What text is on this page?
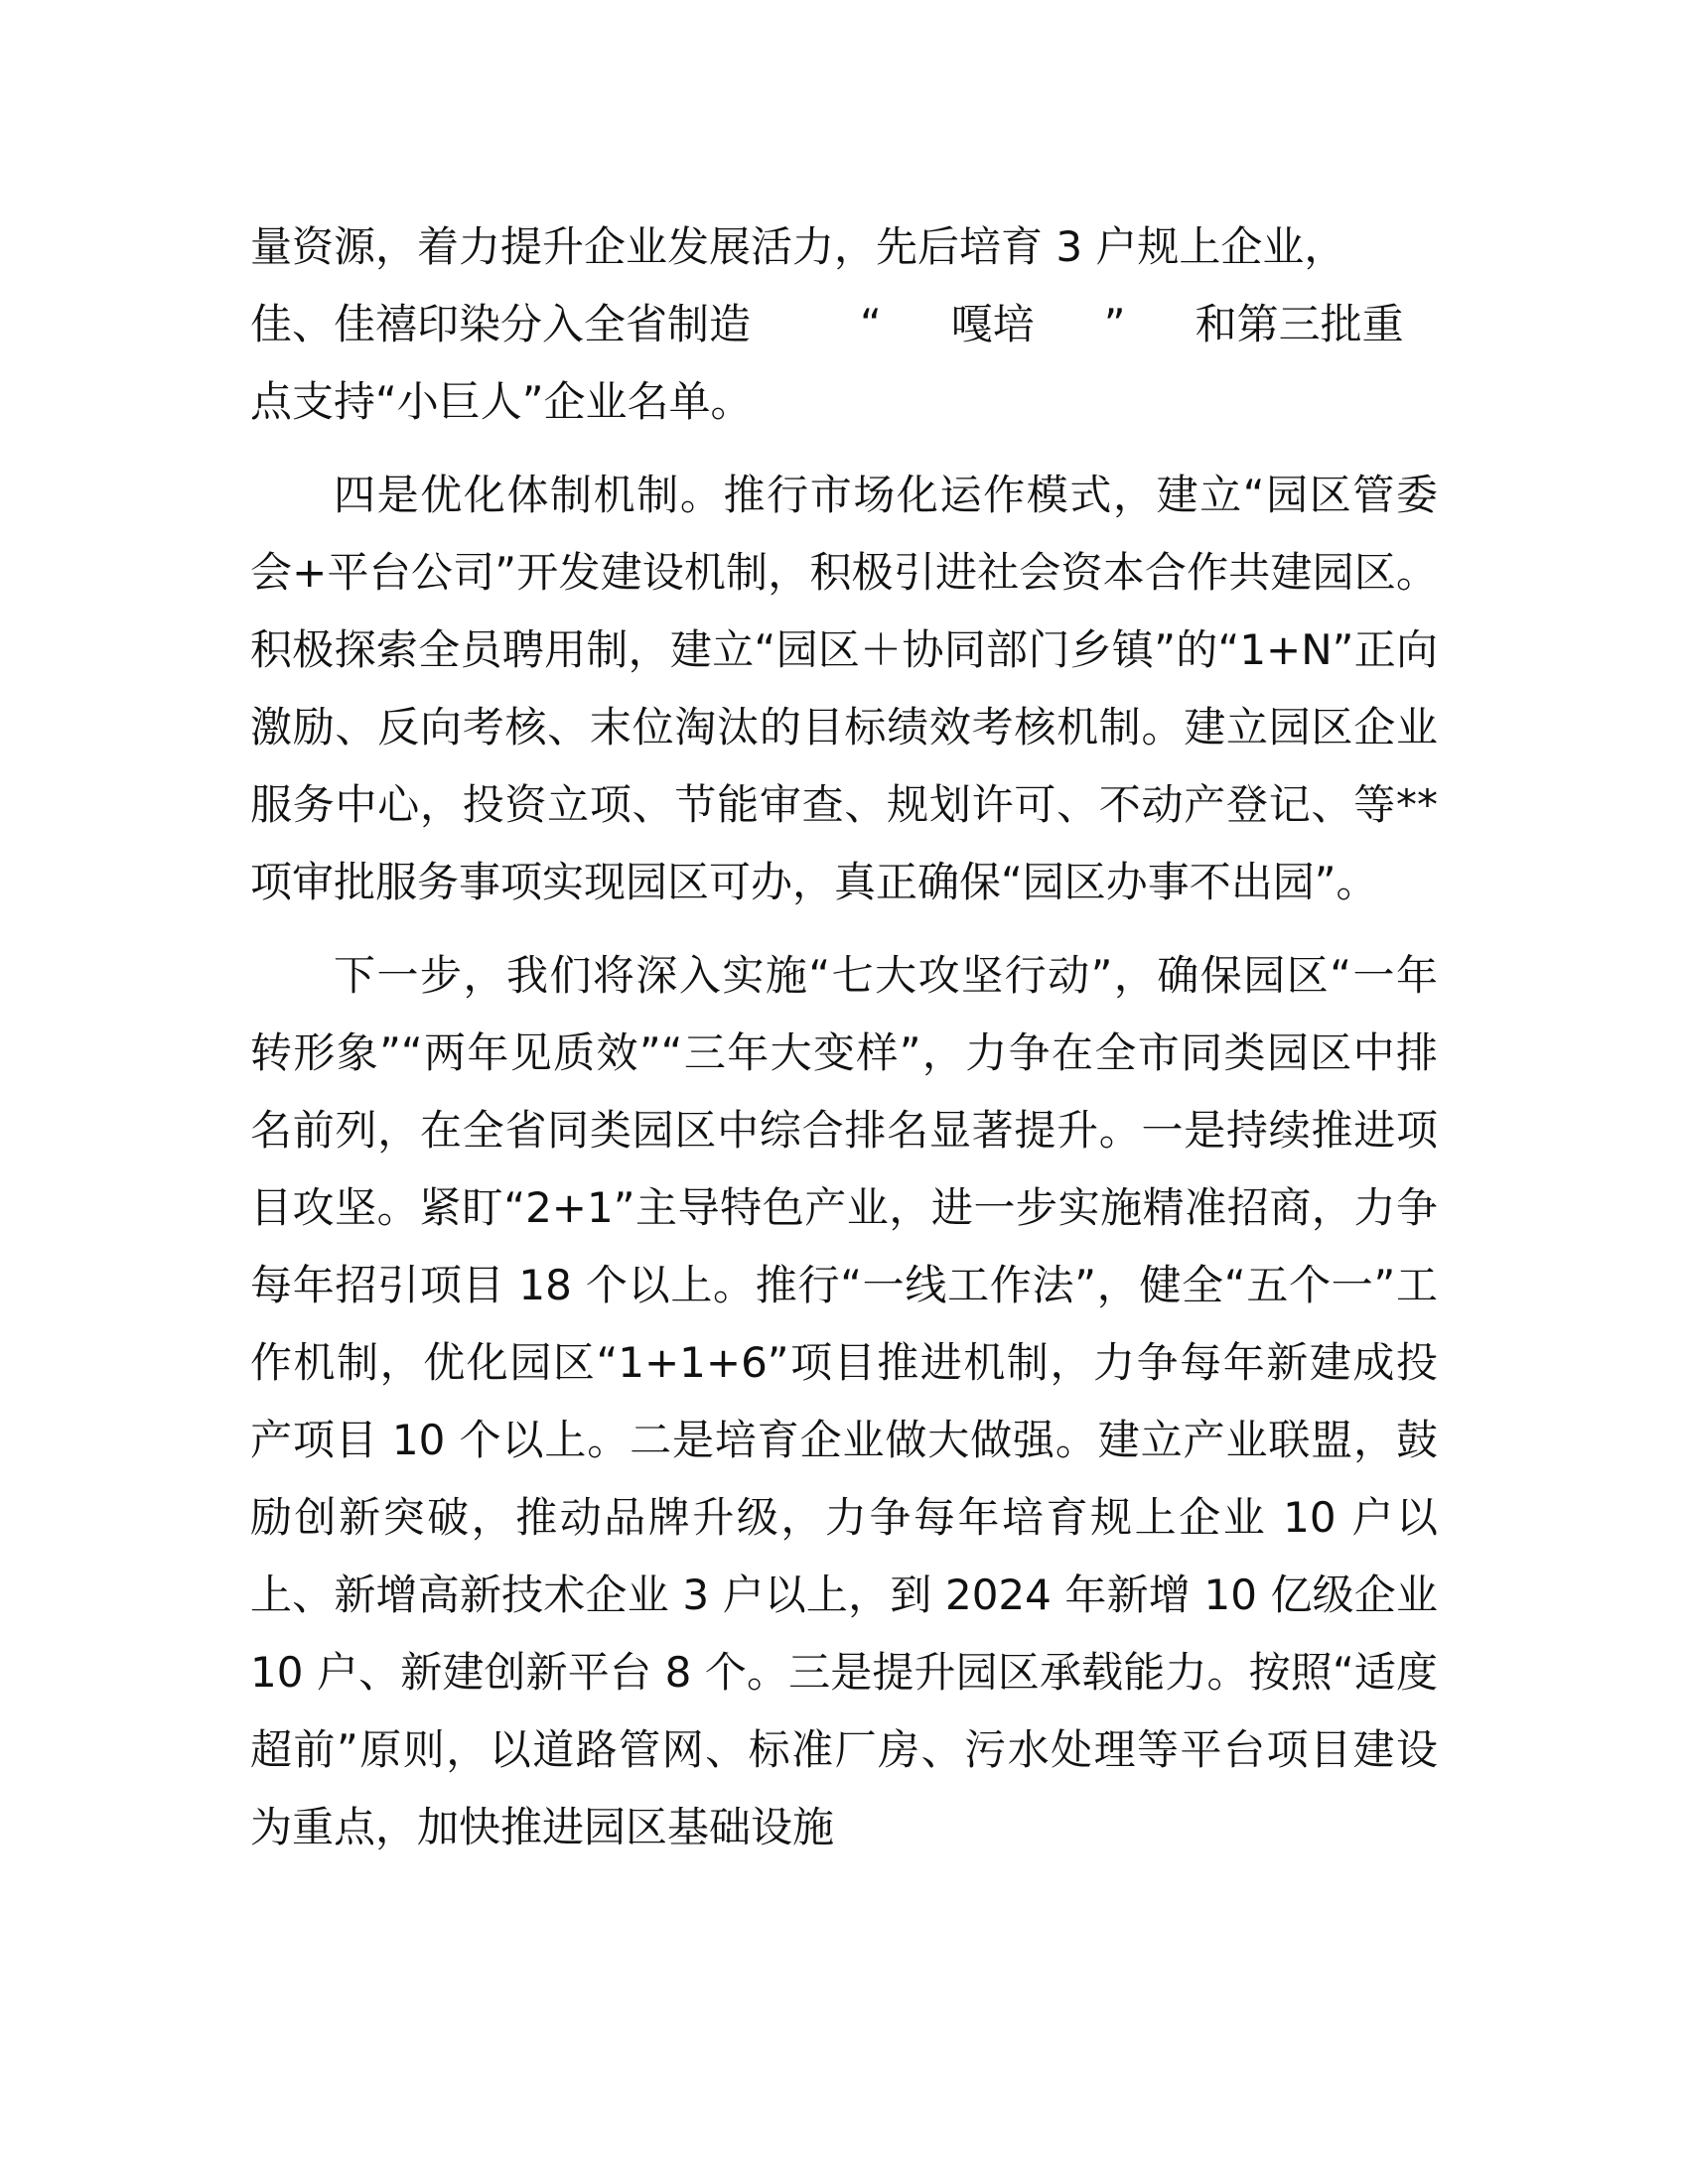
量资源，着力提升企业发展活力，先后培育 3 户规上企业，
佳、佳禧印染分入全省制造	“ 嘎培 ” 和第三批重
点支持“小巨人”企业名单。

四是优化体制机制。推行市场化运作模式，建立“园区管委会+平台公司”开发建设机制，积极引进社会资本合作共建园区。积极探索全员聘用制，建立“园区＋协同部门乡镇”的“1+N”正向激励、反向考核、末位淘汰的目标绩效考核机制。建立园区企业服务中心，投资立项、节能审查、规划许可、不动产登记、等**项审批服务事项实现园区可办，真正确保“园区办事不出园”。

下一步，我们将深入实施“七大攻坚行动”，确保园区“一年转形象”“两年见质效”“三年大变样”，力争在全市同类园区中排名前列，在全省同类园区中综合排名显著提升。一是持续推进项目攻坚。紧盯“2+1”主导特色产业，进一步实施精准招商，力争每年招引项目 18 个以上。推行“一线工作法”，健全“五个一”工作机制，优化园区“1+1+6”项目推进机制，力争每年新建成投产项目 10 个以上。二是培育企业做大做强。建立产业联盟，鼓励创新突破，推动品牌升级，力争每年培育规上企业 10 户以上、新增高新技术企业 3 户以上，到 2024 年新增 10 亿级企业 10 户、新建创新平台 8 个。三是提升园区承载能力。按照“适度超前”原则，以道路管网、标准厂房、污水处理等平台项目建设为重点，加快推进园区基础设施
